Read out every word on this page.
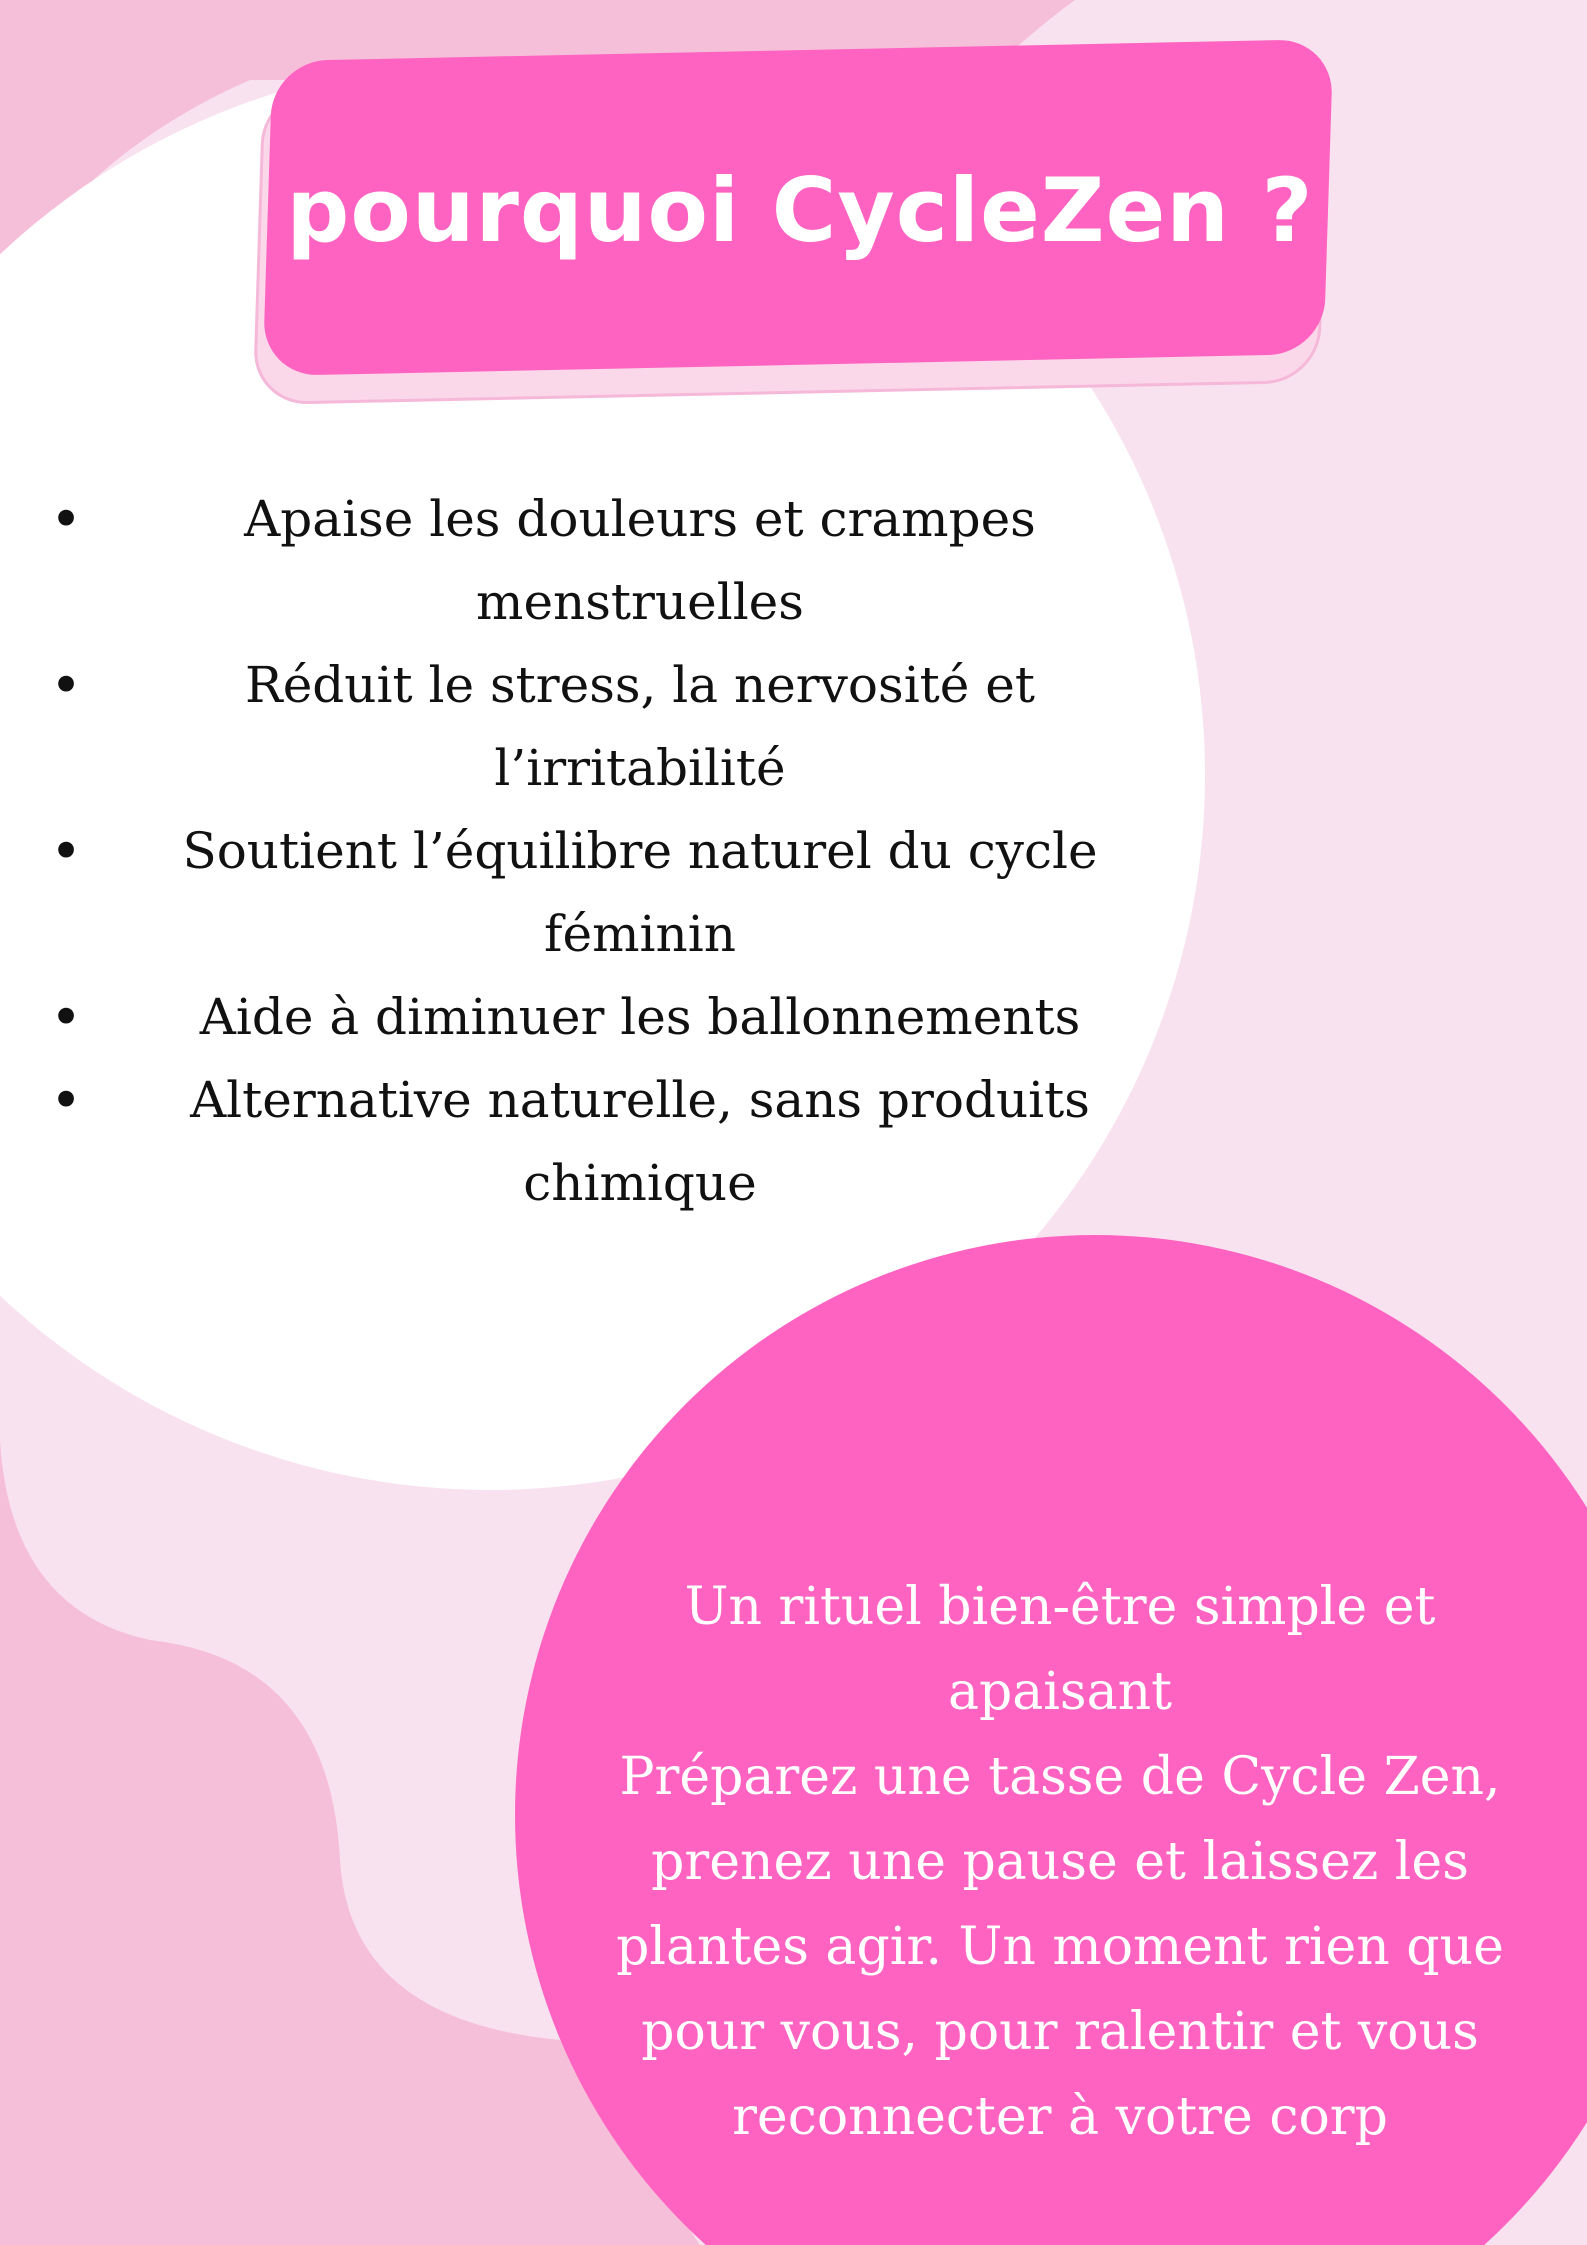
pourquoi CycleZen ?
•	Apaise les douleurs et crampes menstruelles
•	Réduit le stress, la nervosité et l’irritabilité
• Soutient l’équilibre naturel du cycle féminin
• Aide à diminuer les ballonnements
• Alternative naturelle, sans produits chimique

Un rituel bien-être simple et apaisant
Préparez une tasse de Cycle Zen, prenez une pause et laissez les plantes agir. Un moment rien que pour vous, pour ralentir et vous reconnecter à votre corp
